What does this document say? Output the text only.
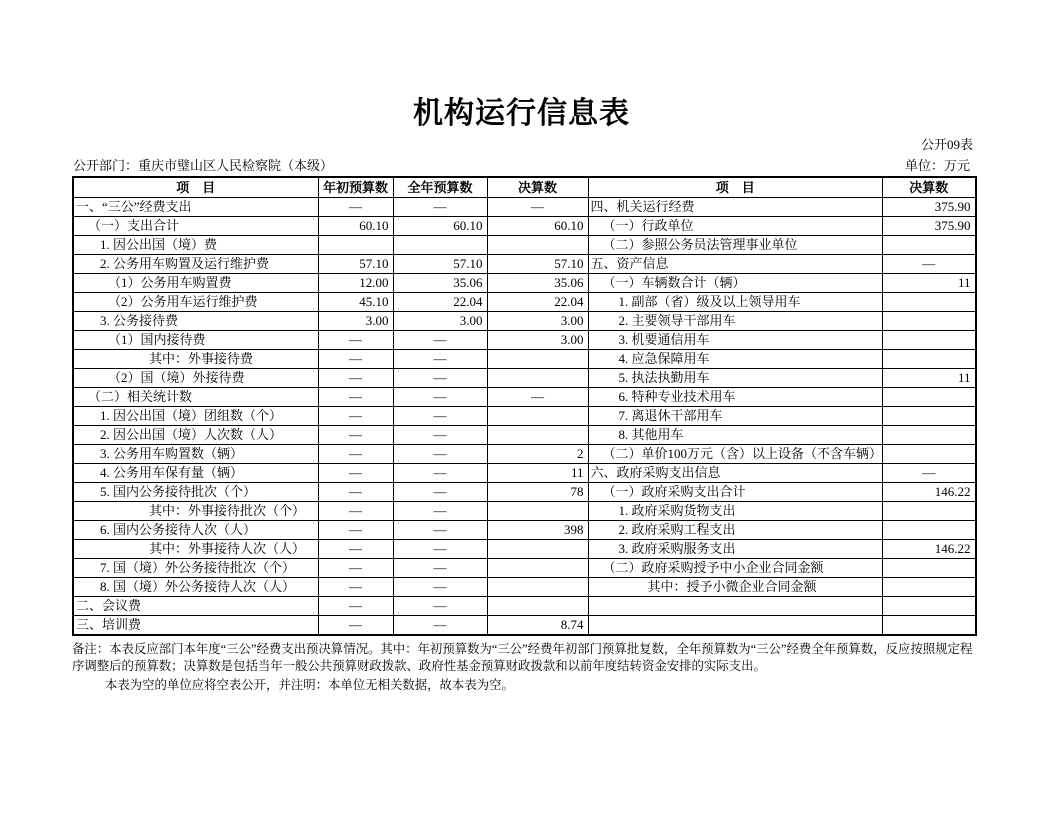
机构运行信息表
公开09表
公开部门：重庆市璧山区人民检察院（本级）	单位：万元
项　目	年初预算数	全年预算数	决算数	项　目	决算数
一、“三公”经费支出	—	—	—	四、机关运行经费	375.90
（一）支出合计	60.10	60.10	60.10	（一）行政单位	375.90
1. 因公出国（境）费				（二）参照公务员法管理事业单位	
2. 公务用车购置及运行维护费	57.10	57.10	57.10	五、资产信息	—
（1）公务用车购置费	12.00	35.06	35.06	（一）车辆数合计（辆）	11
（2）公务用车运行维护费	45.10	22.04	22.04	1. 副部（省）级及以上领导用车	
3. 公务接待费	3.00	3.00	3.00	2. 主要领导干部用车	
（1）国内接待费	—	—	3.00	3. 机要通信用车	
其中：外事接待费	—	—		4. 应急保障用车	
（2）国（境）外接待费	—	—		5. 执法执勤用车	11
（二）相关统计数	—	—	—	6. 特种专业技术用车	
1. 因公出国（境）团组数（个）	—	—		7. 离退休干部用车	
2. 因公出国（境）人次数（人）	—	—		8. 其他用车	
3. 公务用车购置数（辆）	—	—	2	（二）单价100万元（含）以上设备（不含车辆）	
4. 公务用车保有量（辆）	—	—	11	六、政府采购支出信息	—
5. 国内公务接待批次（个）	—	—	78	（一）政府采购支出合计	146.22
其中：外事接待批次（个）	—	—		1. 政府采购货物支出	
6. 国内公务接待人次（人）	—	—	398	2. 政府采购工程支出	
其中：外事接待人次（人）	—	—		3. 政府采购服务支出	146.22
7. 国（境）外公务接待批次（个）	—	—		（二）政府采购授予中小企业合同金额	
8. 国（境）外公务接待人次（人）	—	—		其中：授予小微企业合同金额	
二、会议费	—	—			
三、培训费	—	—	8.74		
备注：本表反应部门本年度“三公”经费支出预决算情况。其中：年初预算数为“三公”经费年初部门预算批复数，全年预算数为“三公”经费全年预算数，反应按照规定程序调整后的预算数；决算数是包括当年一般公共预算财政拨款、政府性基金预算财政拨款和以前年度结转资金安排的实际支出。
本表为空的单位应将空表公开，并注明：本单位无相关数据，故本表为空。
